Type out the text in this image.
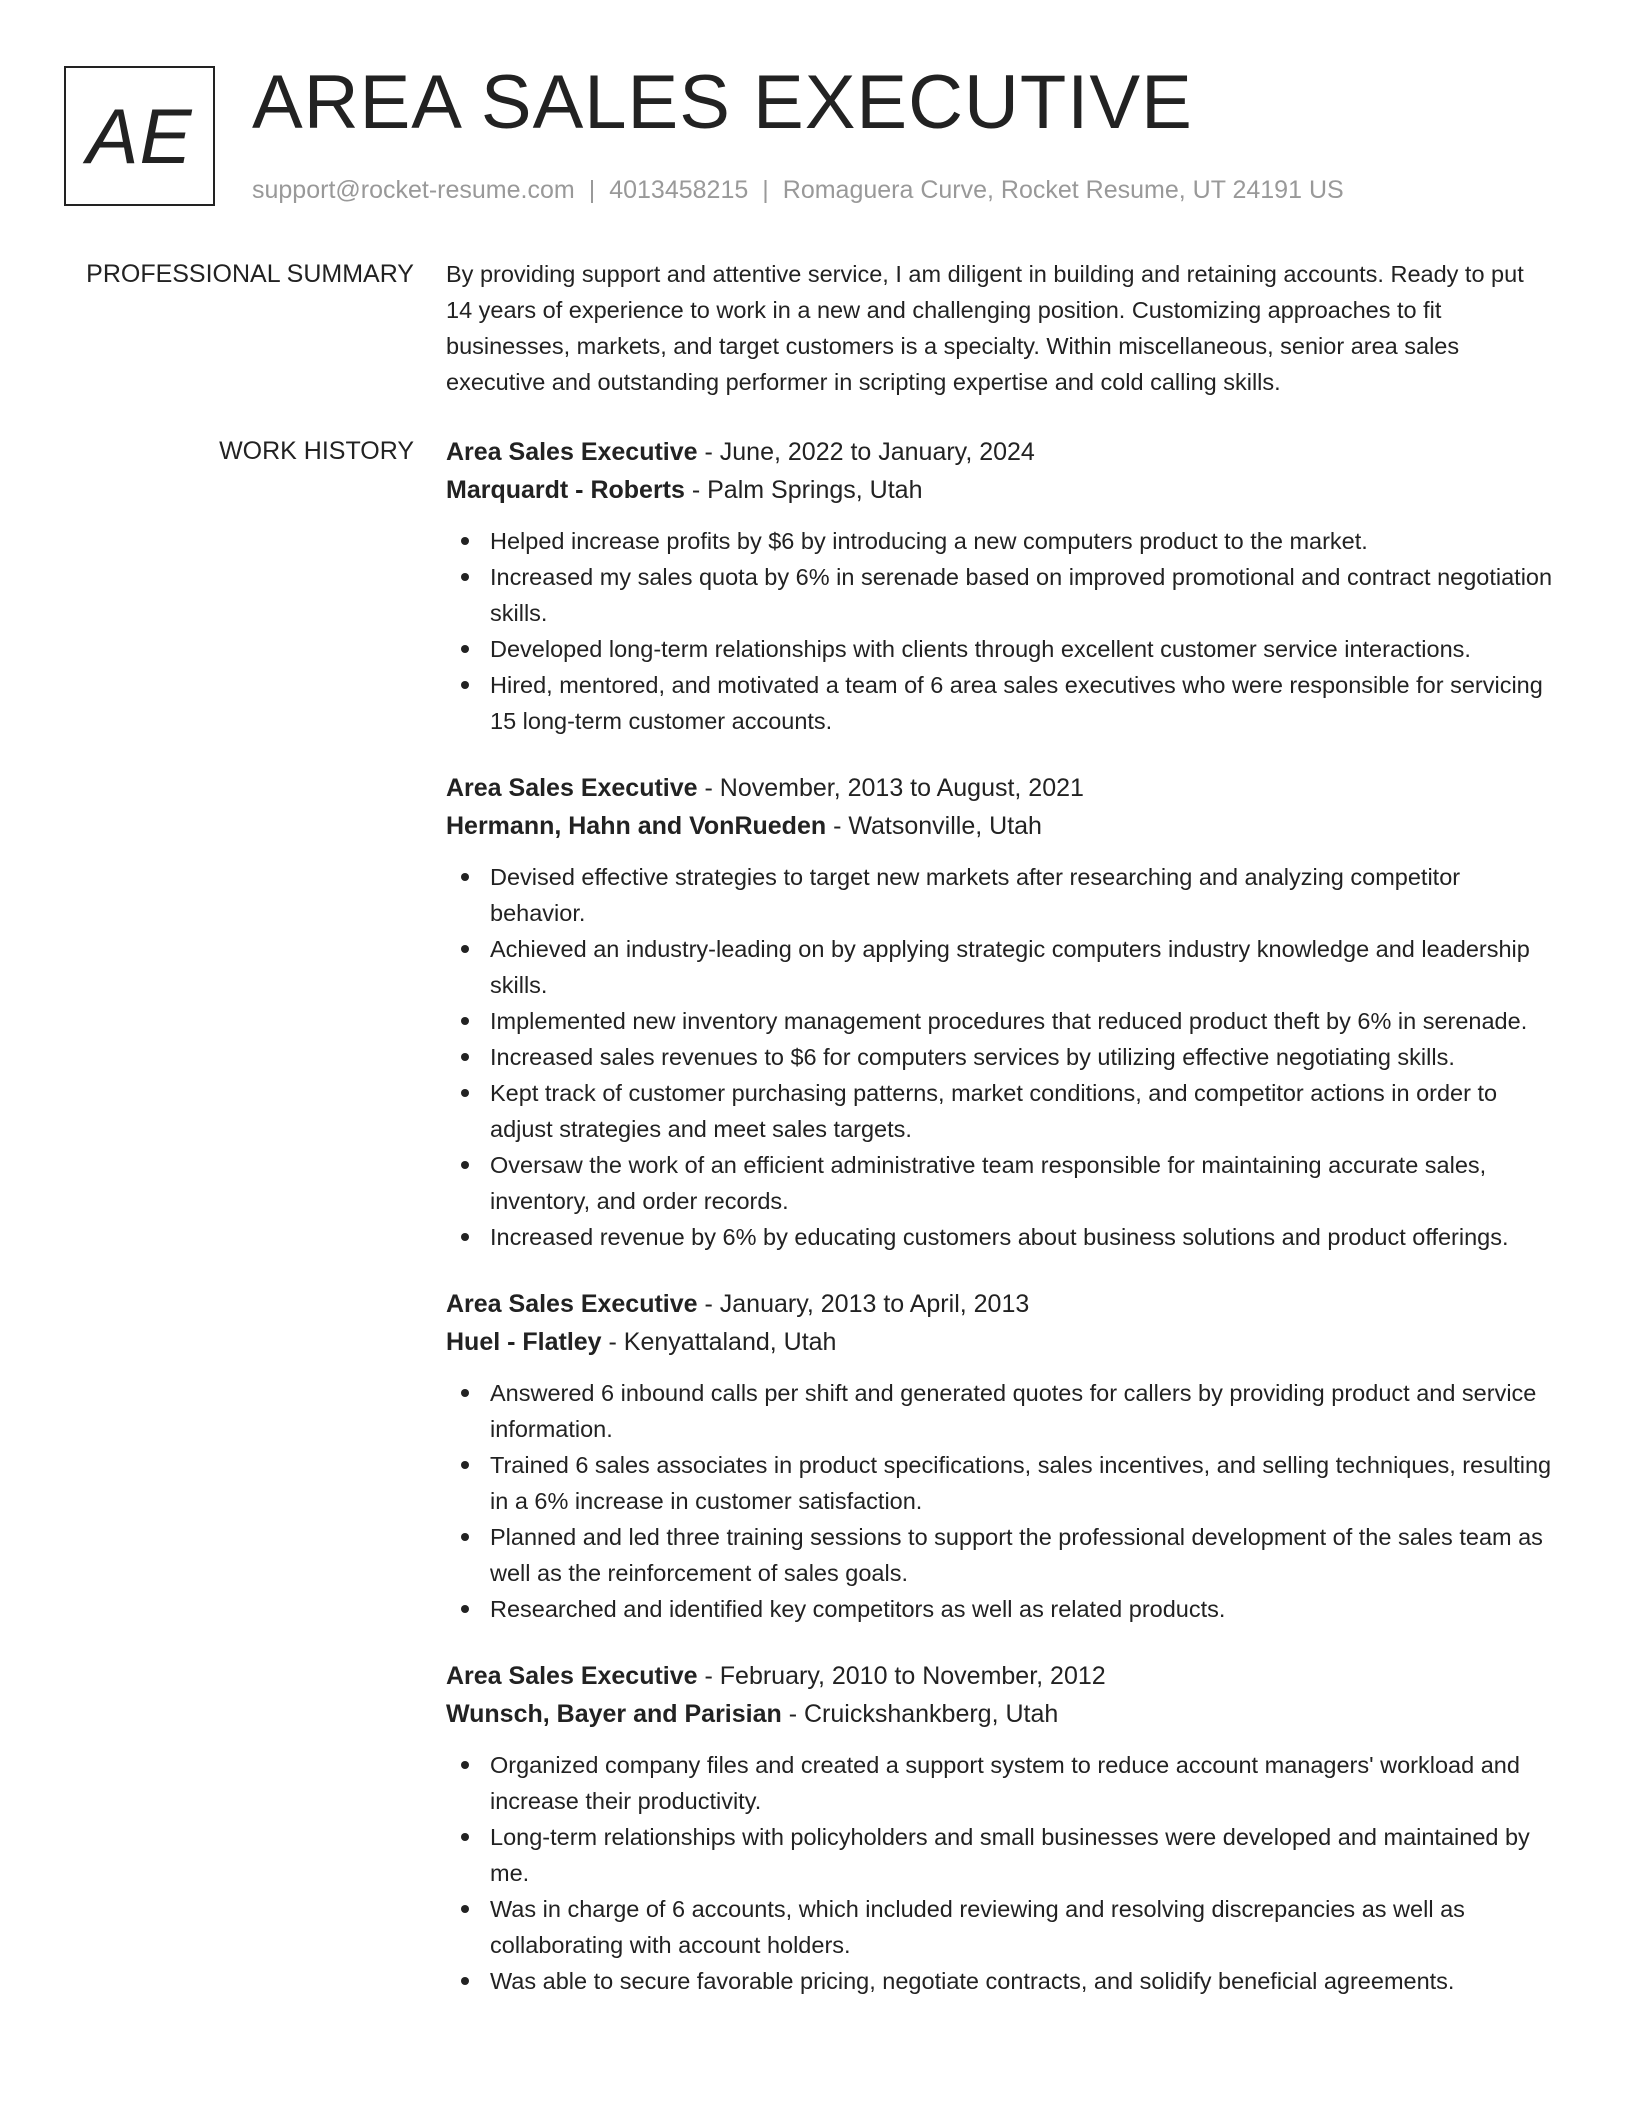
AE AREA SALES EXECUTIVE
support@rocket-resume.com | 4013458215 | Romaguera Curve, Rocket Resume, UT 24191 US
PROFESSIONAL SUMMARY By providing support and attentive service, I am diligent in building and retaining accounts. Ready to put 14 years of experience to work in a new and challenging position. Customizing approaches to fit businesses, markets, and target customers is a specialty. Within miscellaneous, senior area sales executive and outstanding performer in scripting expertise and cold calling skills.

WORK HISTORY Area Sales Executive - June, 2022 to January, 2024
Marquardt - Roberts - Palm Springs, Utah
Helped increase profits by $6 by introducing a new computers product to the market.
Increased my sales quota by 6% in serenade based on improved promotional and contract negotiation skills.
Developed long-term relationships with clients through excellent customer service interactions.
Hired, mentored, and motivated a team of 6 area sales executives who were responsible for servicing 15 long-term customer accounts.
Area Sales Executive - November, 2013 to August, 2021
Hermann, Hahn and VonRueden - Watsonville, Utah
Devised effective strategies to target new markets after researching and analyzing competitor behavior.
Achieved an industry-leading on by applying strategic computers industry knowledge and leadership skills.
Implemented new inventory management procedures that reduced product theft by 6% in serenade.
Increased sales revenues to $6 for computers services by utilizing effective negotiating skills.
Kept track of customer purchasing patterns, market conditions, and competitor actions in order to adjust strategies and meet sales targets.
Oversaw the work of an efficient administrative team responsible for maintaining accurate sales, inventory, and order records.
Increased revenue by 6% by educating customers about business solutions and product offerings.
Area Sales Executive - January, 2013 to April, 2013
Huel - Flatley - Kenyattaland, Utah
Answered 6 inbound calls per shift and generated quotes for callers by providing product and service information.
Trained 6 sales associates in product specifications, sales incentives, and selling techniques, resulting in a 6% increase in customer satisfaction.
Planned and led three training sessions to support the professional development of the sales team as well as the reinforcement of sales goals.
Researched and identified key competitors as well as related products.
Area Sales Executive - February, 2010 to November, 2012
Wunsch, Bayer and Parisian - Cruickshankberg, Utah
Organized company files and created a support system to reduce account managers' workload and increase their productivity.
Long-term relationships with policyholders and small businesses were developed and maintained by me.
Was in charge of 6 accounts, which included reviewing and resolving discrepancies as well as collaborating with account holders.
Was able to secure favorable pricing, negotiate contracts, and solidify beneficial agreements.
